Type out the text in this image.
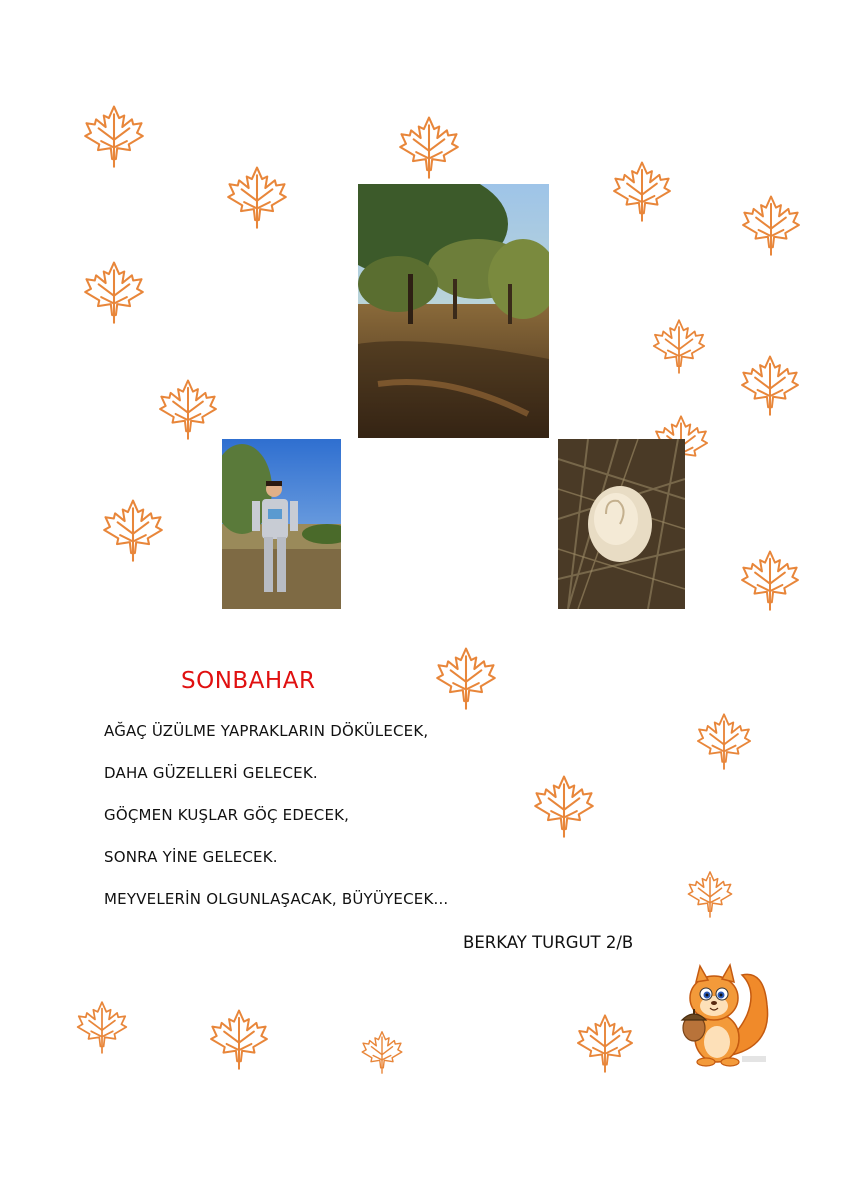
SONBAHAR
AĞAÇ ÜZÜLME YAPRAKLARIN DÖKÜLECEK,
DAHA GÜZELLERİ GELECEK.
GÖÇMEN KUŞLAR GÖÇ EDECEK,
SONRA YİNE GELECEK.
MEYVELERİN OLGUNLAŞACAK, BÜYÜYECEK...
BERKAY TURGUT 2/B
